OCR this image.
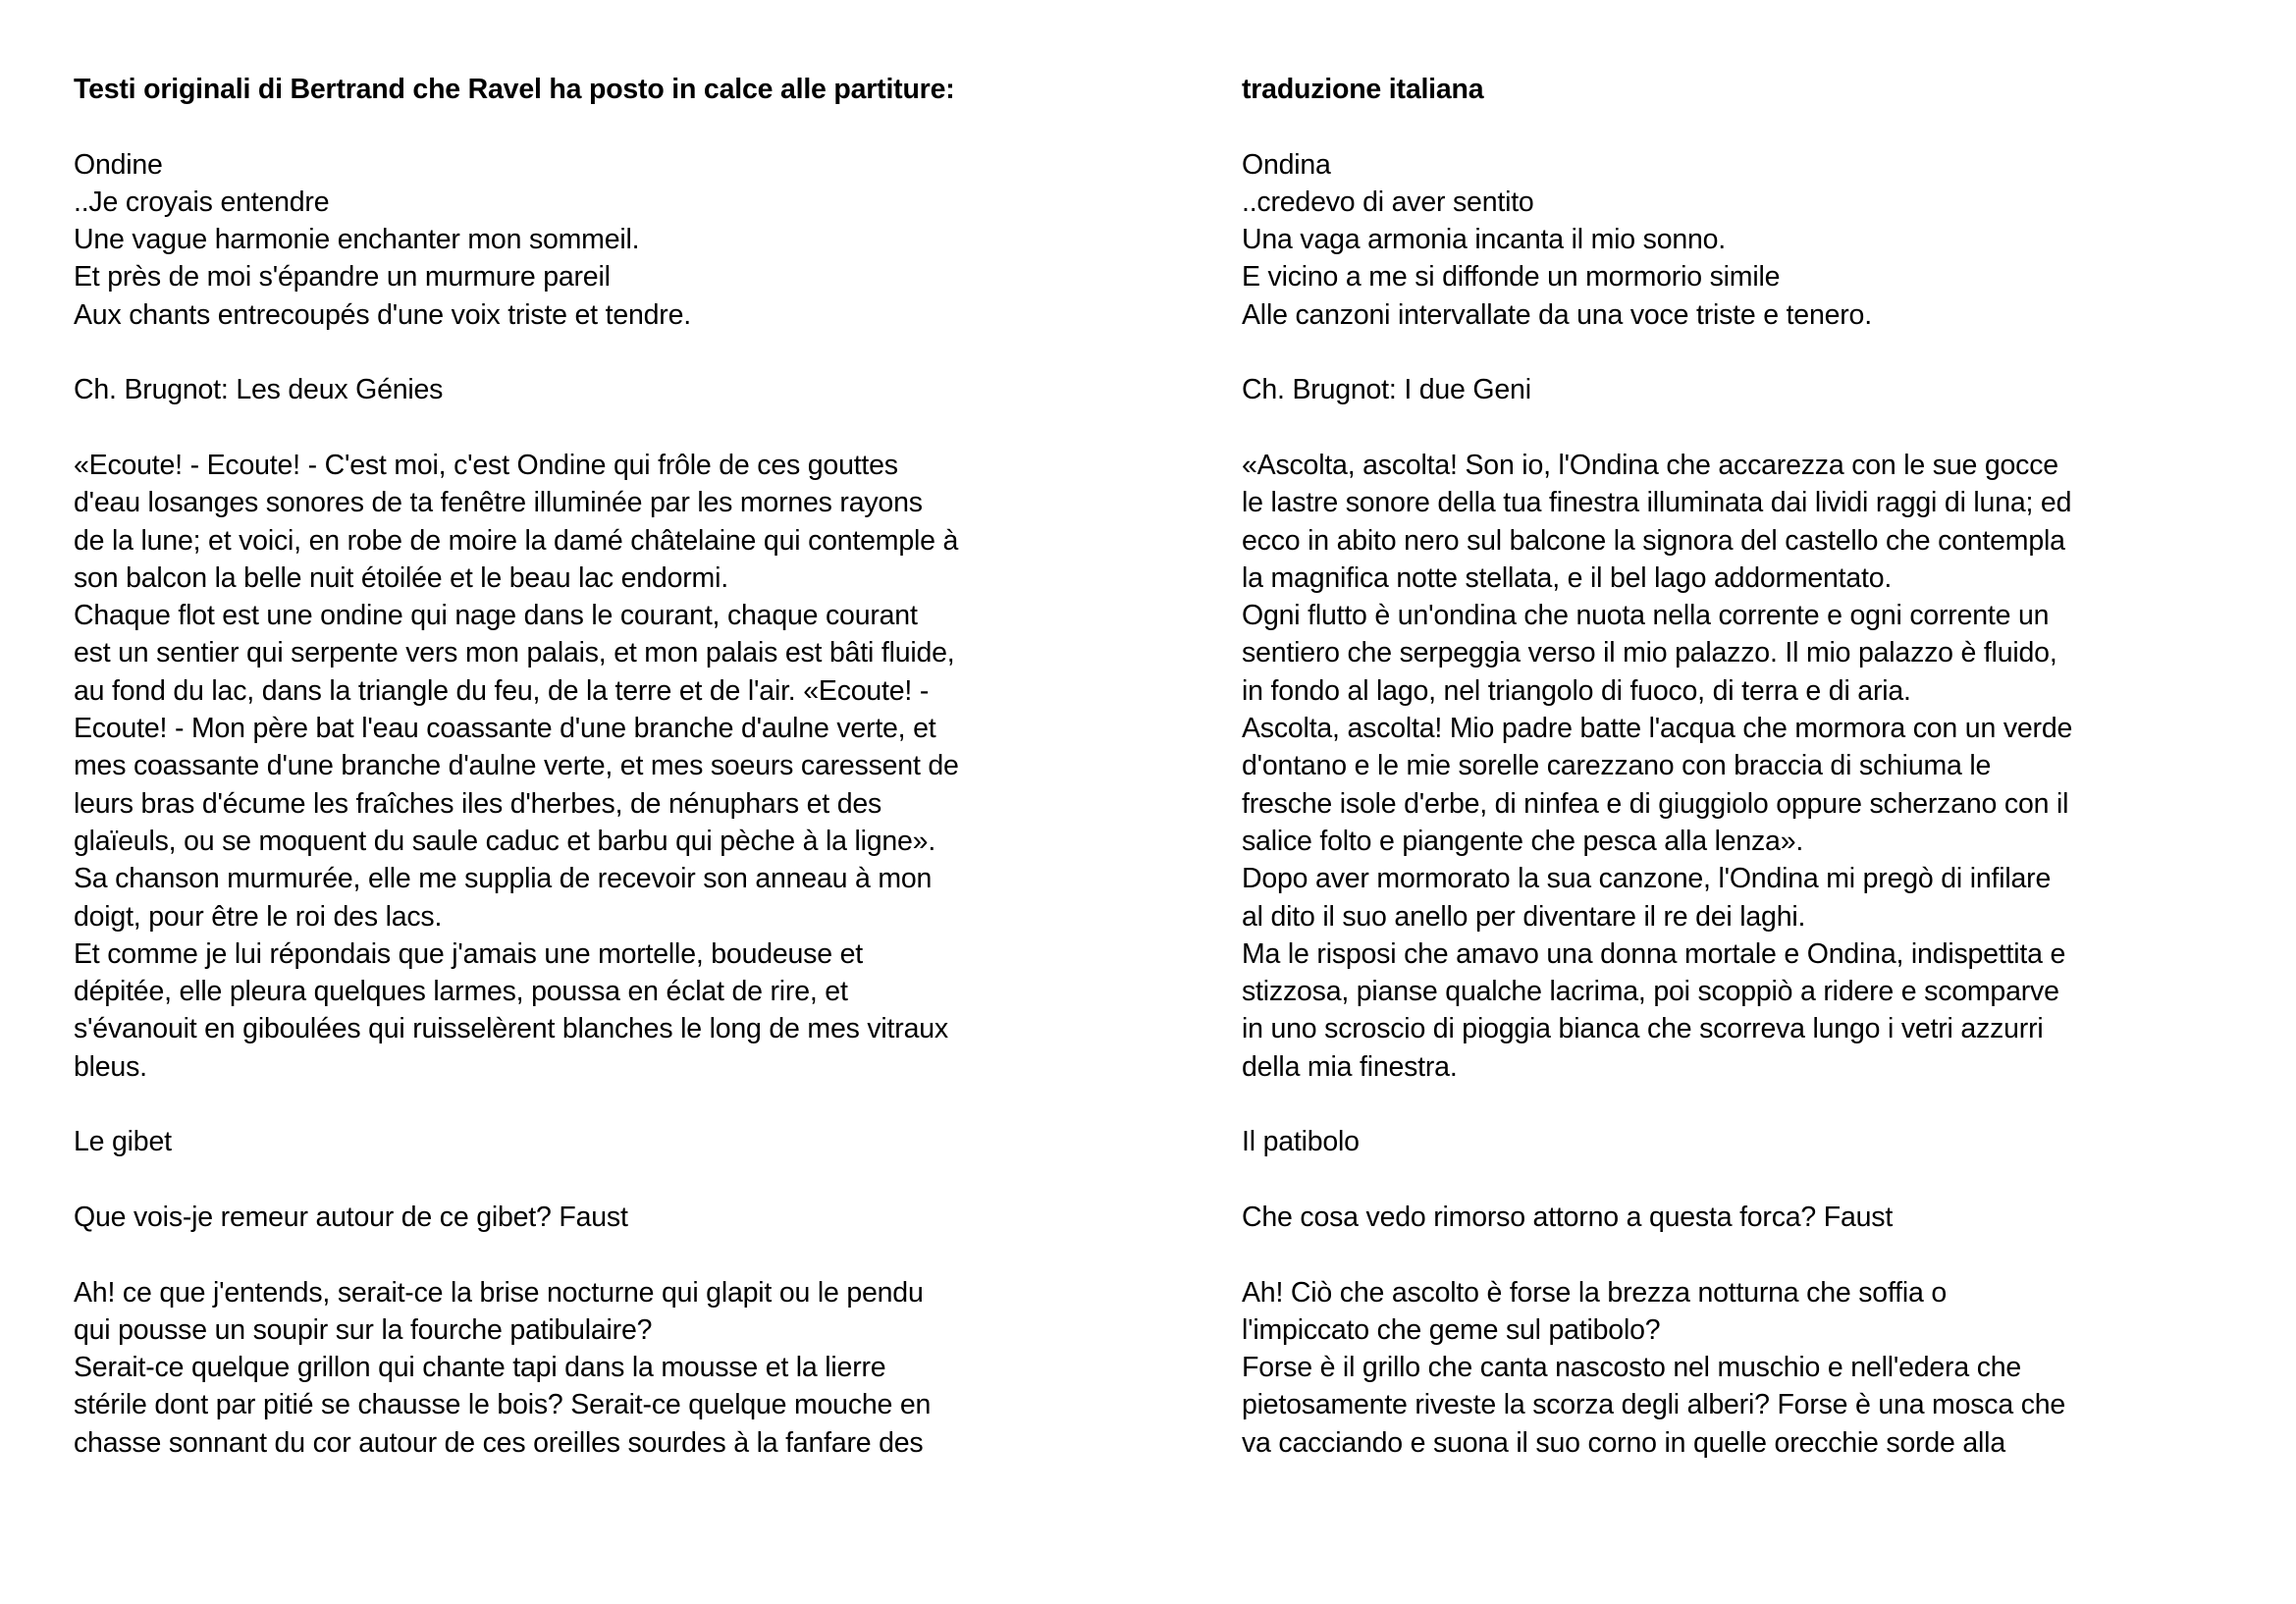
Testi originali di Bertrand che Ravel ha posto in calce alle partiture:

Ondine
..Je croyais entendre
Une vague harmonie enchanter mon sommeil.
Et près de moi s'épandre un murmure pareil
Aux chants entrecoupés d'une voix triste et tendre.

Ch. Brugnot: Les deux Génies

«Ecoute! - Ecoute! - C'est moi, c'est Ondine qui frôle de ces gouttes
d'eau losanges sonores de ta fenêtre illuminée par les mornes rayons
de la lune; et voici, en robe de moire la damé châtelaine qui contemple à
son balcon la belle nuit étoilée et le beau lac endormi.
Chaque flot est une ondine qui nage dans le courant, chaque courant
est un sentier qui serpente vers mon palais, et mon palais est bâti fluide,
au fond du lac, dans la triangle du feu, de la terre et de l'air. «Ecoute! -
Ecoute! - Mon père bat l'eau coassante d'une branche d'aulne verte, et
mes coassante d'une branche d'aulne verte, et mes soeurs caressent de
leurs bras d'écume les fraîches iles d'herbes, de nénuphars et des
glaïeuls, ou se moquent du saule caduc et barbu qui pèche à la ligne».
Sa chanson murmurée, elle me supplia de recevoir son anneau à mon
doigt, pour être le roi des lacs.
Et comme je lui répondais que j'amais une mortelle, boudeuse et
dépitée, elle pleura quelques larmes, poussa en éclat de rire, et
s'évanouit en giboulées qui ruisselèrent blanches le long de mes vitraux
bleus.

Le gibet

Que vois-je remeur autour de ce gibet? Faust

Ah! ce que j'entends, serait-ce la brise nocturne qui glapit ou le pendu
qui pousse un soupir sur la fourche patibulaire?
Serait-ce quelque grillon qui chante tapi dans la mousse et la lierre
stérile dont par pitié se chausse le bois? Serait-ce quelque mouche en
chasse sonnant du cor autour de ces oreilles sourdes à la fanfare des
traduzione italiana

Ondina
..credevo di aver sentito
Una vaga armonia incanta il mio sonno.
E vicino a me si diffonde un mormorio simile
Alle canzoni intervallate da una voce triste e tenero.

Ch. Brugnot: I due Geni

«Ascolta, ascolta! Son io, l'Ondina che accarezza con le sue gocce
le lastre sonore della tua finestra illuminata dai lividi raggi di luna; ed
ecco in abito nero sul balcone la signora del castello che contempla
la magnifica notte stellata, e il bel lago addormentato.
Ogni flutto è un'ondina che nuota nella corrente e ogni corrente un
sentiero che serpeggia verso il mio palazzo. Il mio palazzo è fluido,
in fondo al lago, nel triangolo di fuoco, di terra e di aria.
Ascolta, ascolta! Mio padre batte l'acqua che mormora con un verde
d'ontano e le mie sorelle carezzano con braccia di schiuma le
fresche isole d'erbe, di ninfea e di giuggiolo oppure scherzano con il
salice folto e piangente che pesca alla lenza».
Dopo aver mormorato la sua canzone, l'Ondina mi pregò di infilare
al dito il suo anello per diventare il re dei laghi.
Ma le risposi che amavo una donna mortale e Ondina, indispettita e
stizzosa, pianse qualche lacrima, poi scoppiò a ridere e scomparve
in uno scroscio di pioggia bianca che scorreva lungo i vetri azzurri
della mia finestra.

Il patibolo

Che cosa vedo rimorso attorno a questa forca? Faust

Ah! Ciò che ascolto è forse la brezza notturna che soffia o
l'impiccato che geme sul patibolo?
Forse è il grillo che canta nascosto nel muschio e nell'edera che
pietosamente riveste la scorza degli alberi? Forse è una mosca che
va cacciando e suona il suo corno in quelle orecchie sorde alla
